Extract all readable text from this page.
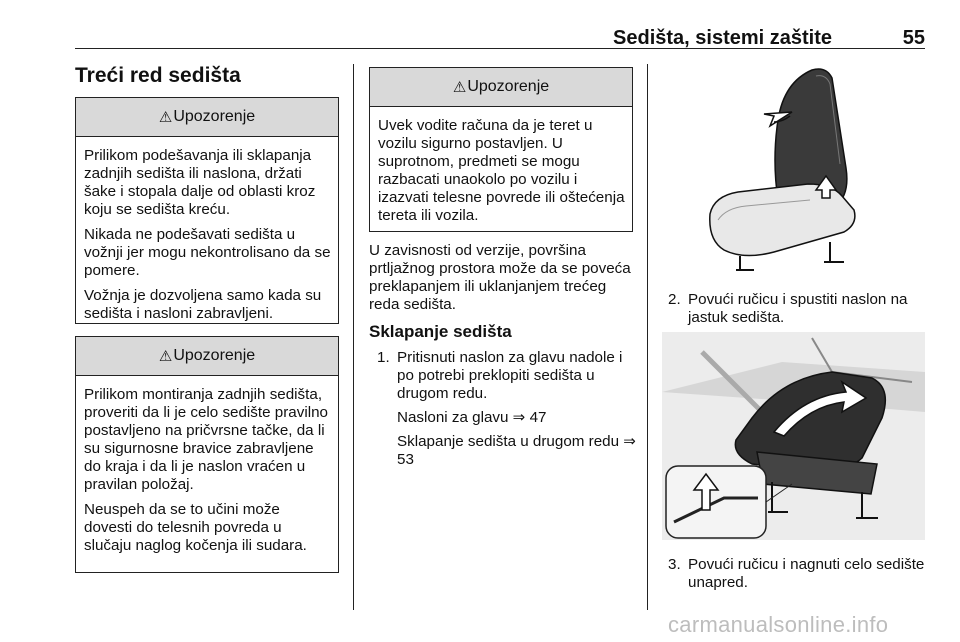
Sedišta, sistemi zaštite	55
Treći red sedišta
⚠ Upozorenje

Prilikom podešavanja ili sklapanja zadnjih sedišta ili naslona, držati šake i stopala dalje od oblasti kroz koju se sedišta kreću.

Nikada ne podešavati sedišta u vožnji jer mogu nekontrolisano da se pomere.

Vožnja je dozvoljena samo kada su sedišta i nasloni zabravljeni.

⚠ Upozorenje

Prilikom montiranja zadnjih sedišta, proveriti da li je celo sedište pravilno postavljeno na pričvrsne tačke, da li su sigurnosne bravice zabravljene do kraja i da li je naslon vraćen u pravilan položaj.

Neuspeh da se to učini može dovesti do telesnih povreda u slučaju naglog kočenja ili sudara.

⚠ Upozorenje

Uvek vodite računa da je teret u vozilu sigurno postavljen. U suprotnom, predmeti se mogu razbacati unaokolo po vozilu i izazvati telesne povrede ili oštećenja tereta ili vozila.

U zavisnosti od verzije, površina prtljažnog prostora može da se poveća preklapanjem ili uklanjanjem trećeg reda sedišta.

Sklapanje sedišta
1. Pritisnuti naslon za glavu nadole i po potrebi preklopiti sedišta u drugom redu.

Nasloni za glavu ⇒ 47

Sklapanje sedišta u drugom redu ⇒ 53

2. Povući ručicu i spustiti naslon na jastuk sedišta.

3. Povući ručicu i nagnuti celo sedište unapred.

carmanualsonline.info
